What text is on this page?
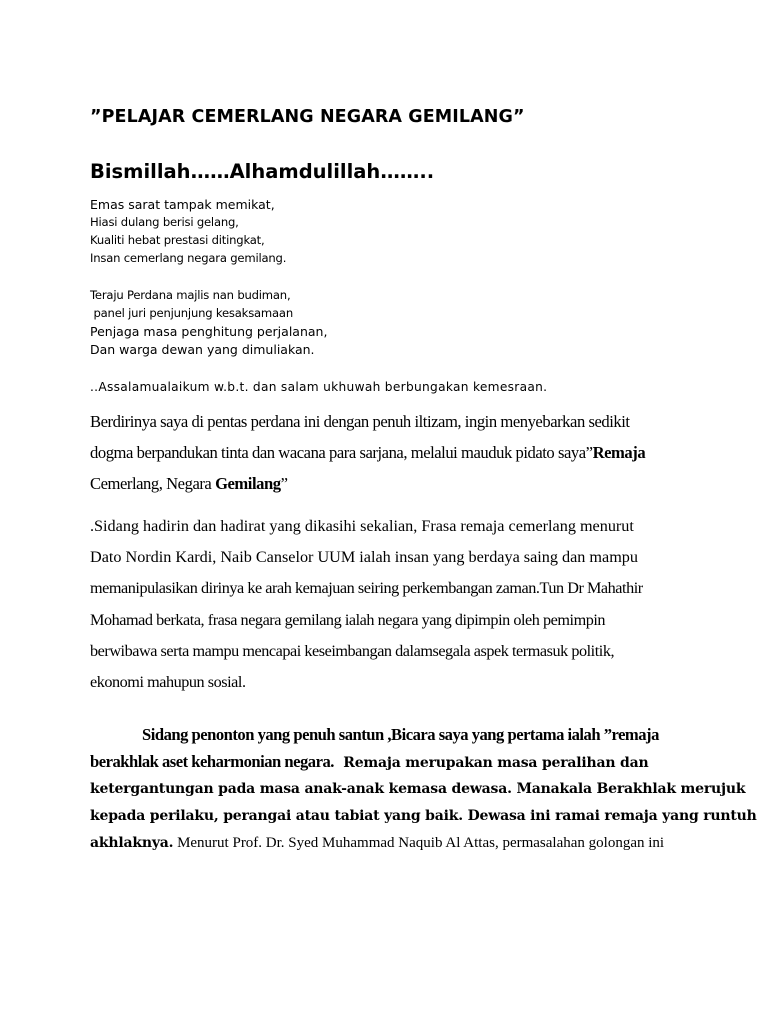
”PELAJAR CEMERLANG NEGARA GEMILANG”

Bismillah……Alhamdulillah……..

Emas sarat tampak memikat,

Hiasi dulang berisi gelang,

Kualiti hebat prestasi ditingkat,

Insan cemerlang negara gemilang.

Teraju Perdana majlis nan budiman,

panel juri penjunjung kesaksamaan

Penjaga masa penghitung perjalanan,

Dan warga dewan yang dimuliakan.

..Assalamualaikum w.b.t. dan salam ukhuwah berbungakan kemesraan.

Berdirinya saya di pentas perdana ini dengan penuh iltizam, ingin menyebarkan sedikit

dogma berpandukan tinta dan wacana para sarjana, melalui mauduk pidato saya”Remaja

Cemerlang, Negara Gemilang”

.Sidang hadirin dan hadirat yang dikasihi sekalian, Frasa remaja cemerlang menurut

Dato Nordin Kardi, Naib Canselor UUM ialah insan yang berdaya saing dan mampu

memanipulasikan dirinya ke arah kemajuan seiring perkembangan zaman.Tun Dr Mahathir

Mohamad berkata, frasa negara gemilang ialah negara yang dipimpin oleh pemimpin

berwibawa serta mampu mencapai keseimbangan dalamsegala aspek termasuk politik,

ekonomi mahupun sosial.

Sidang penonton yang penuh santun ,Bicara saya yang pertama ialah ”remaja

berakhlak aset keharmonian negara.  Remaja merupakan masa peralihan dan

ketergantungan pada masa anak-anak kemasa dewasa. Manakala Berakhlak merujuk

kepada perilaku, perangai atau tabiat yang baik. Dewasa ini ramai remaja yang runtuh

akhlaknya. Menurut Prof. Dr. Syed Muhammad Naquib Al Attas, permasalahan golongan ini
